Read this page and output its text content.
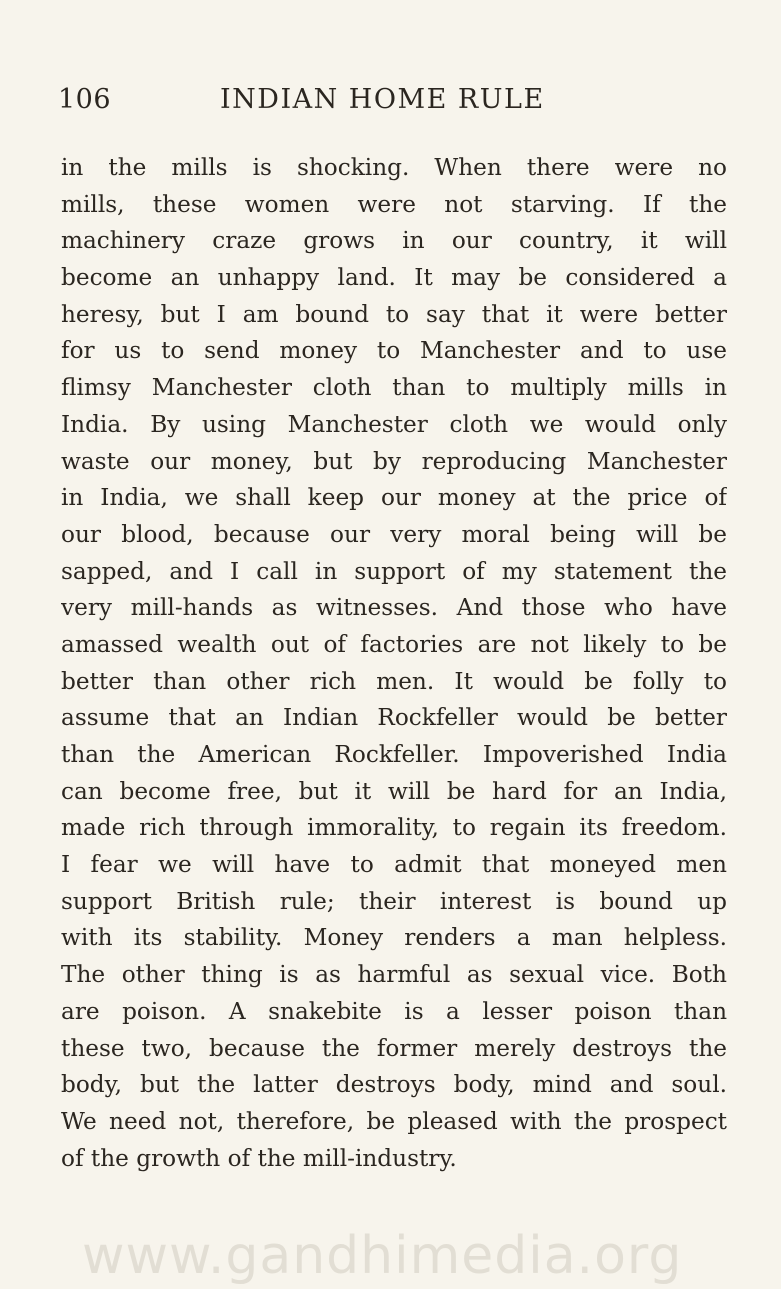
106	INDIAN HOME RULE
in the mills is shocking. When there were no
mills, these women were not starving. If the
machinery craze grows in our country, it will
become an unhappy land. It may be considered a
heresy, but I am bound to say that it were better
for us to send money to Manchester and to use
flimsy Manchester cloth than to multiply mills in
India. By using Manchester cloth we would only
waste our money, but by reproducing Manchester
in India, we shall keep our money at the price of
our blood, because our very moral being will be
sapped, and I call in support of my statement the
very mill-hands as witnesses. And those who have
amassed wealth out of factories are not likely to be
better than other rich men. It would be folly to
assume that an Indian Rockfeller would be better
than the American Rockfeller. Impoverished India
can become free, but it will be hard for an India,
made rich through immorality, to regain its freedom.
I fear we will have to admit that moneyed men
support British rule; their interest is bound up
with its stability. Money renders a man helpless.
The other thing is as harmful as sexual vice. Both
are poison. A snakebite is a lesser poison than
these two, because the former merely destroys the
body, but the latter destroys body, mind and soul.
We need not, therefore, be pleased with the prospect
of the growth of the mill-industry.
www.gandhimedia.org
